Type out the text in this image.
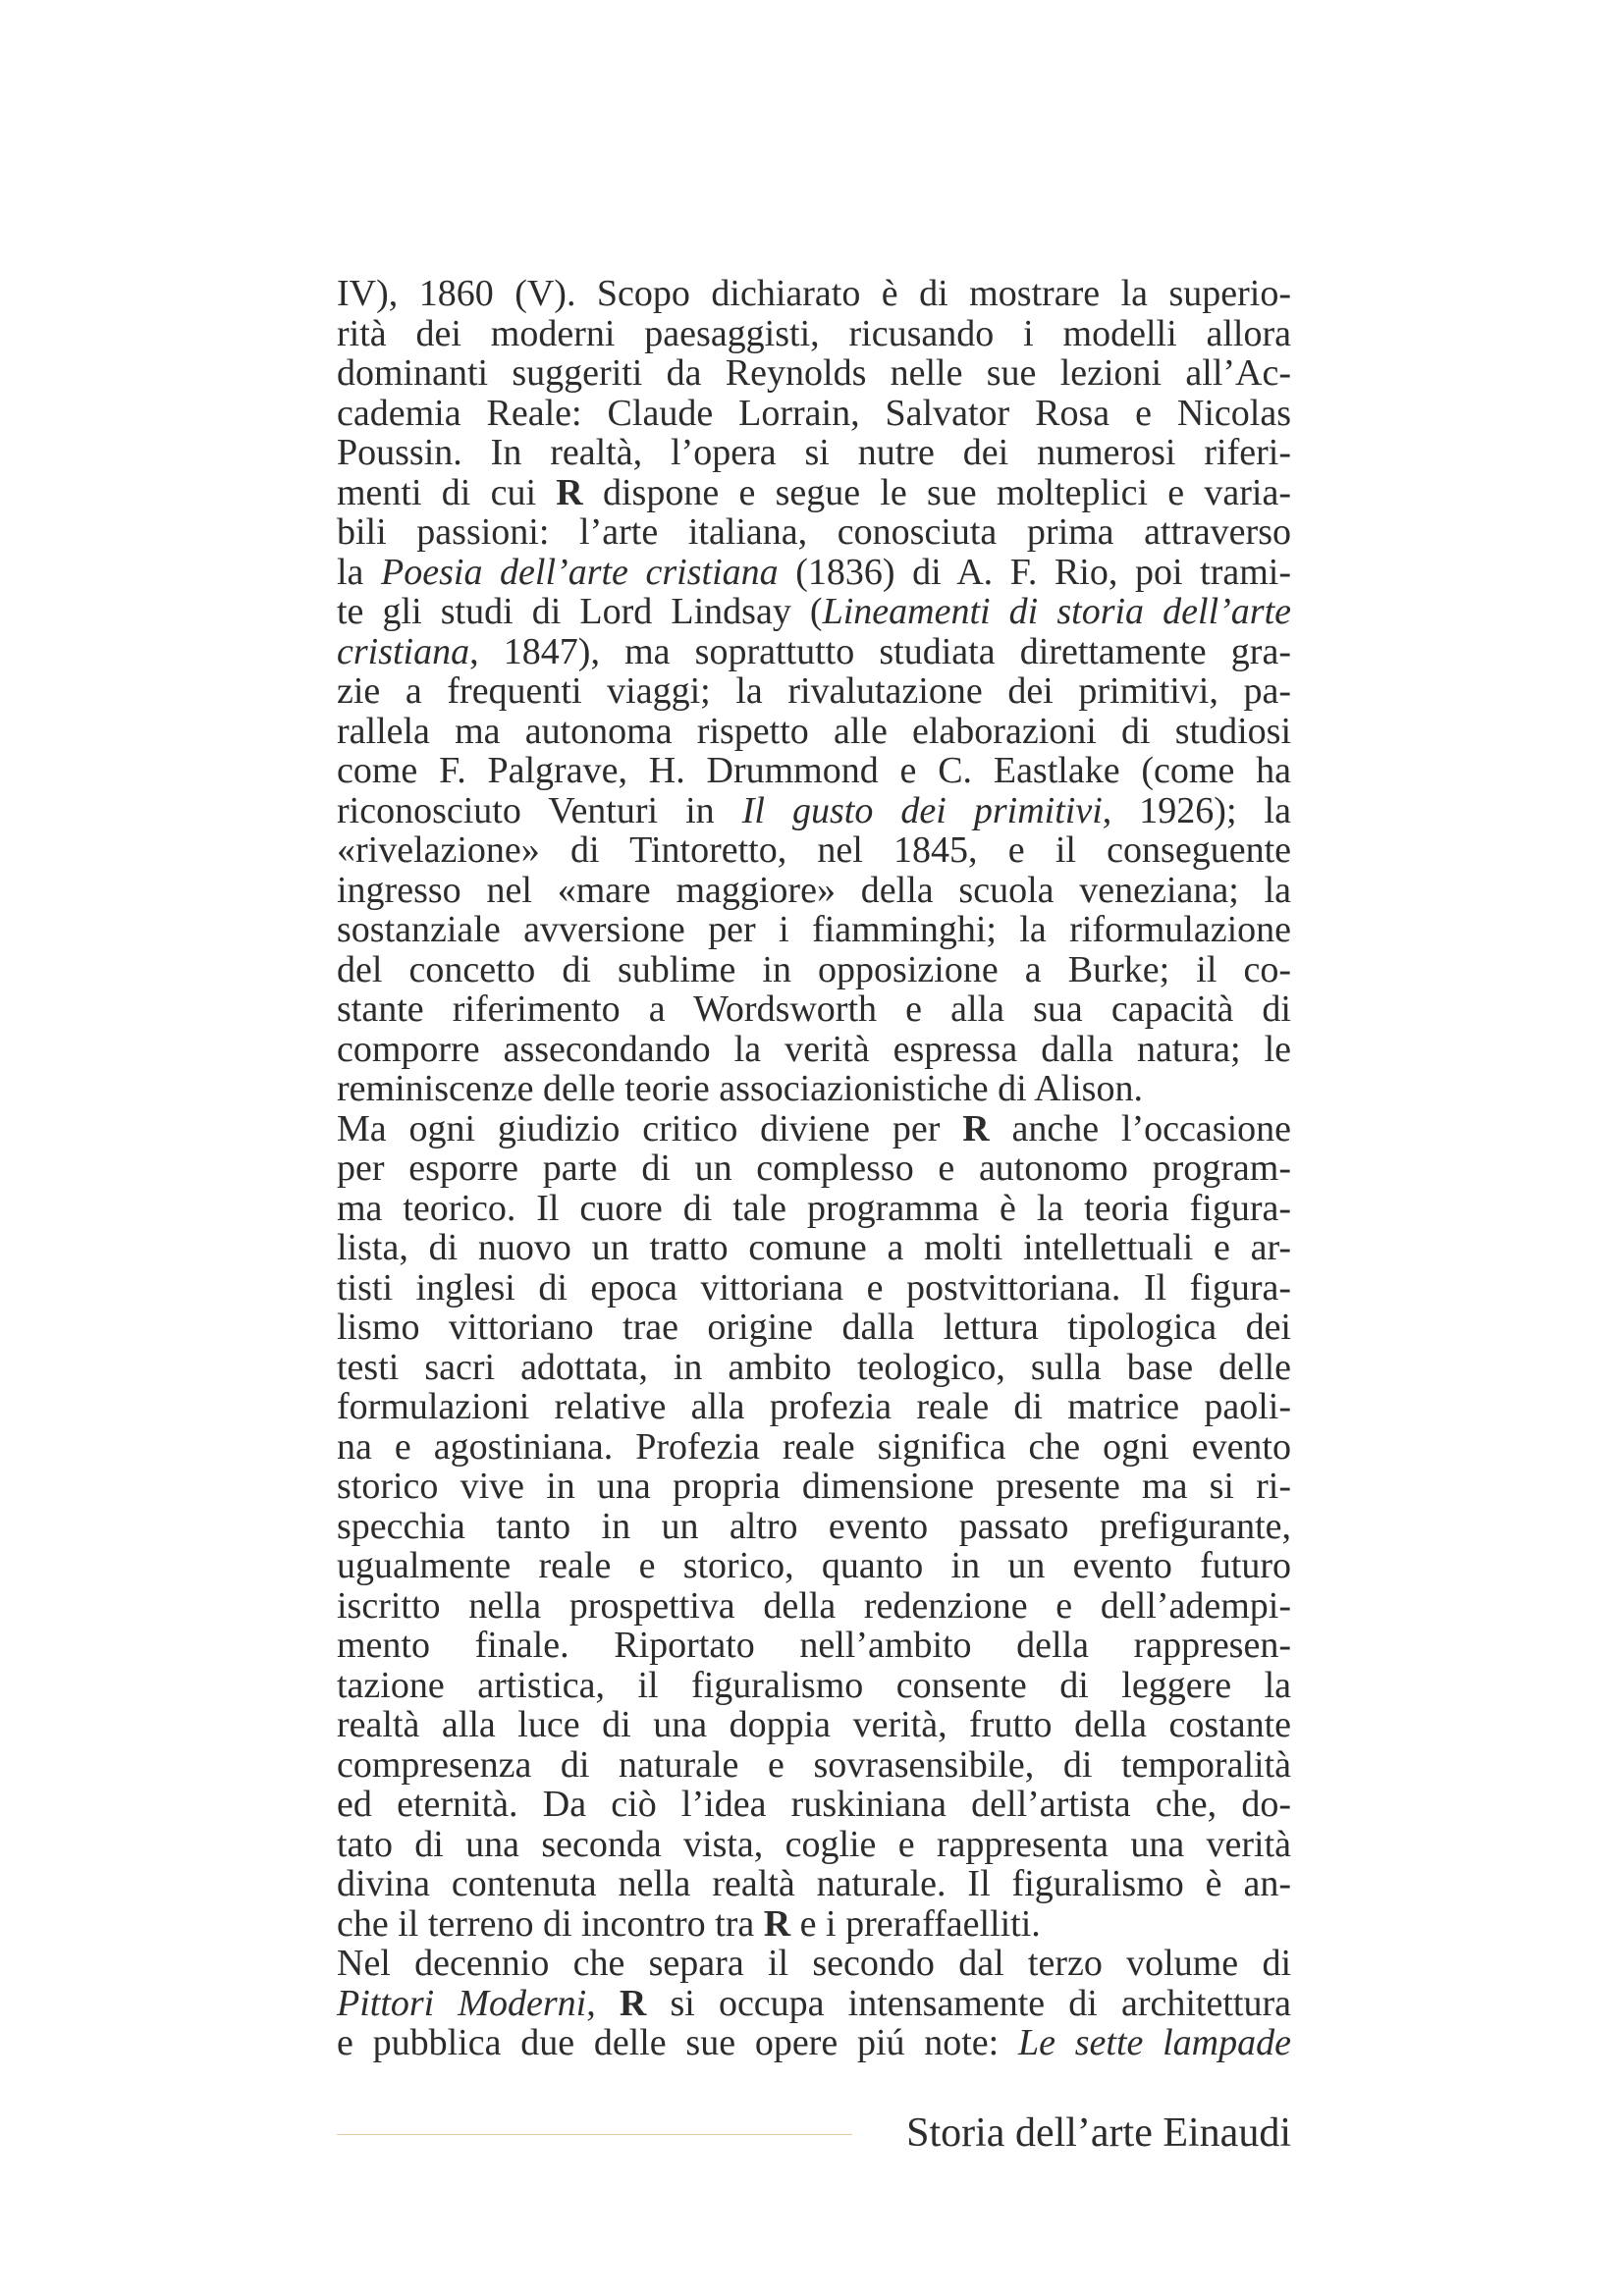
IV), 1860 (V). Scopo dichiarato è di mostrare la superio-
rità dei moderni paesaggisti, ricusando i modelli allora
dominanti suggeriti da Reynolds nelle sue lezioni all’Ac-
cademia Reale: Claude Lorrain, Salvator Rosa e Nicolas
Poussin. In realtà, l’opera si nutre dei numerosi riferi-
menti di cui R dispone e segue le sue molteplici e varia-
bili passioni: l’arte italiana, conosciuta prima attraverso
la Poesia dell’arte cristiana (1836) di A. F. Rio, poi trami-
te gli studi di Lord Lindsay (Lineamenti di storia dell’arte
cristiana, 1847), ma soprattutto studiata direttamente gra-
zie a frequenti viaggi; la rivalutazione dei primitivi, pa-
rallela ma autonoma rispetto alle elaborazioni di studiosi
come F. Palgrave, H. Drummond e C. Eastlake (come ha
riconosciuto Venturi in Il gusto dei primitivi, 1926); la
«rivelazione» di Tintoretto, nel 1845, e il conseguente
ingresso nel «mare maggiore» della scuola veneziana; la
sostanziale avversione per i fiamminghi; la riformulazione
del concetto di sublime in opposizione a Burke; il co-
stante riferimento a Wordsworth e alla sua capacità di
comporre assecondando la verità espressa dalla natura; le
reminiscenze delle teorie associazionistiche di Alison.
Ma ogni giudizio critico diviene per R anche l’occasione
per esporre parte di un complesso e autonomo program-
ma teorico. Il cuore di tale programma è la teoria figura-
lista, di nuovo un tratto comune a molti intellettuali e ar-
tisti inglesi di epoca vittoriana e postvittoriana. Il figura-
lismo vittoriano trae origine dalla lettura tipologica dei
testi sacri adottata, in ambito teologico, sulla base delle
formulazioni relative alla profezia reale di matrice paoli-
na e agostiniana. Profezia reale significa che ogni evento
storico vive in una propria dimensione presente ma si ri-
specchia tanto in un altro evento passato prefigurante,
ugualmente reale e storico, quanto in un evento futuro
iscritto nella prospettiva della redenzione e dell’adempi-
mento finale. Riportato nell’ambito della rappresen-
tazione artistica, il figuralismo consente di leggere la
realtà alla luce di una doppia verità, frutto della costante
compresenza di naturale e sovrasensibile, di temporalità
ed eternità. Da ciò l’idea ruskiniana dell’artista che, do-
tato di una seconda vista, coglie e rappresenta una verità
divina contenuta nella realtà naturale. Il figuralismo è an-
che il terreno di incontro tra R e i preraffaelliti.
Nel decennio che separa il secondo dal terzo volume di
Pittori Moderni, R si occupa intensamente di architettura
e pubblica due delle sue opere piú note: Le sette lampade
Storia dell’arte Einaudi
